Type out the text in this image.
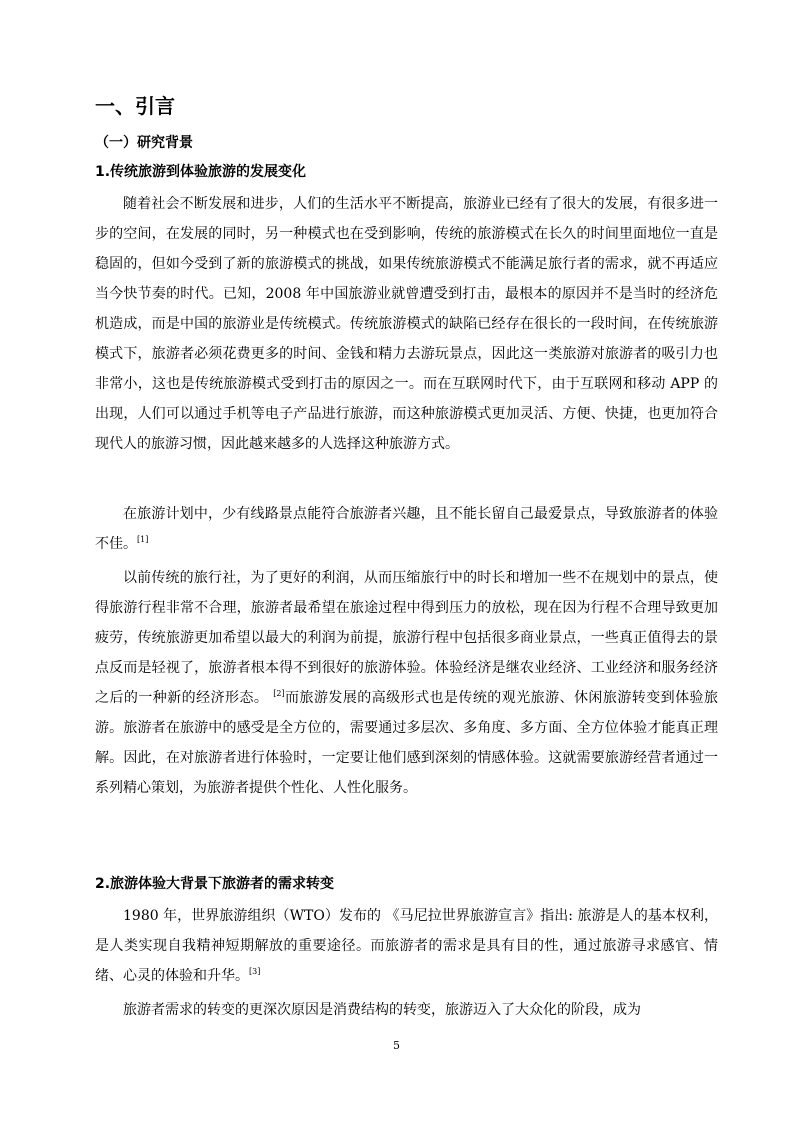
一、引言
（一）研究背景
1.传统旅游到体验旅游的发展变化

随着社会不断发展和进步，人们的生活水平不断提高，旅游业已经有了很大的发展，有很多进一步的空间，在发展的同时，另一种模式也在受到影响，传统的旅游模式在长久的时间里面地位一直是稳固的，但如今受到了新的旅游模式的挑战，如果传统旅游模式不能满足旅行者的需求，就不再适应当今快节奏的时代。已知，2008 年中国旅游业就曾遭受到打击，最根本的原因并不是当时的经济危机造成，而是中国的旅游业是传统模式。传统旅游模式的缺陷已经存在很长的一段时间，在传统旅游模式下，旅游者必须花费更多的时间、金钱和精力去游玩景点，因此这一类旅游对旅游者的吸引力也非常小，这也是传统旅游模式受到打击的原因之一。而在互联网时代下，由于互联网和移动 APP 的出现，人们可以通过手机等电子产品进行旅游，而这种旅游模式更加灵活、方便、快捷，也更加符合现代人的旅游习惯，因此越来越多的人选择这种旅游方式。

在旅游计划中，少有线路景点能符合旅游者兴趣，且不能长留自己最爱景点，导致旅游者的体验不佳。[1]

以前传统的旅行社，为了更好的利润，从而压缩旅行中的时长和增加一些不在规划中的景点，使得旅游行程非常不合理，旅游者最希望在旅途过程中得到压力的放松，现在因为行程不合理导致更加疲劳，传统旅游更加希望以最大的利润为前提，旅游行程中包括很多商业景点，一些真正值得去的景点反而是轻视了，旅游者根本得不到很好的旅游体验。体验经济是继农业经济、工业经济和服务经济之后的一种新的经济形态。 [2]而旅游发展的高级形式也是传统的观光旅游、休闲旅游转变到体验旅游。旅游者在旅游中的感受是全方位的，需要通过多层次、多角度、多方面、全方位体验才能真正理解。因此，在对旅游者进行体验时，一定要让他们感到深刻的情感体验。这就需要旅游经营者通过一系列精心策划，为旅游者提供个性化、人性化服务。

2.旅游体验大背景下旅游者的需求转变

1980 年，世界旅游组织（WTO）发布的 《马尼拉世界旅游宣言》指出: 旅游是人的基本权利，是人类实现自我精神短期解放的重要途径。而旅游者的需求是具有目的性，通过旅游寻求感官、情绪、心灵的体验和升华。[3]

旅游者需求的转变的更深次原因是消费结构的转变，旅游迈入了大众化的阶段，成为

5
